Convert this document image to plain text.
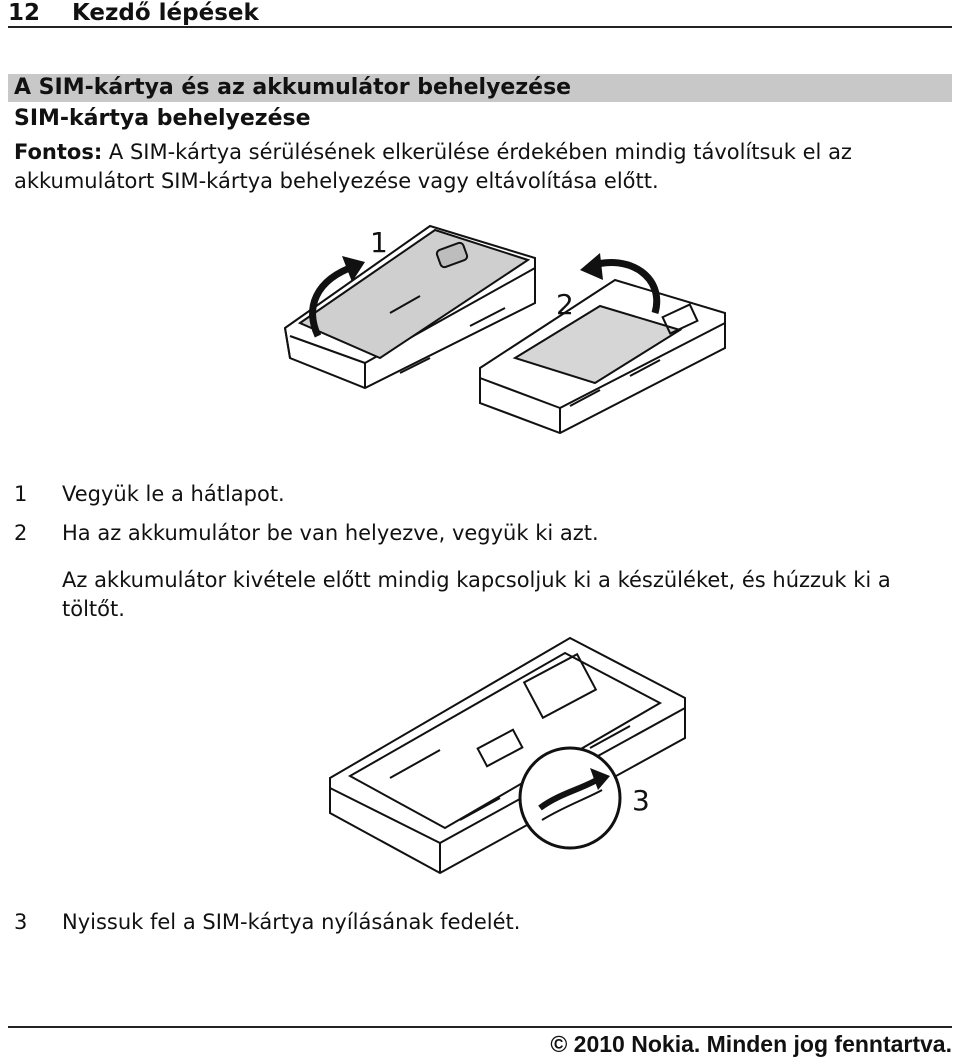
12 Kezdő lépések
A SIM-kártya és az akkumulátor behelyezése
SIM-kártya behelyezése
Fontos: A SIM-kártya sérülésének elkerülése érdekében mindig távolítsuk el az akkumulátort SIM-kártya behelyezése vagy eltávolítása előtt.
1
2
1 Vegyük le a hátlapot.
2 Ha az akkumulátor be van helyezve, vegyük ki azt.
Az akkumulátor kivétele előtt mindig kapcsoljuk ki a készüléket, és húzzuk ki a töltőt.
3
3 Nyissuk fel a SIM-kártya nyílásának fedelét.
© 2010 Nokia. Minden jog fenntartva.
